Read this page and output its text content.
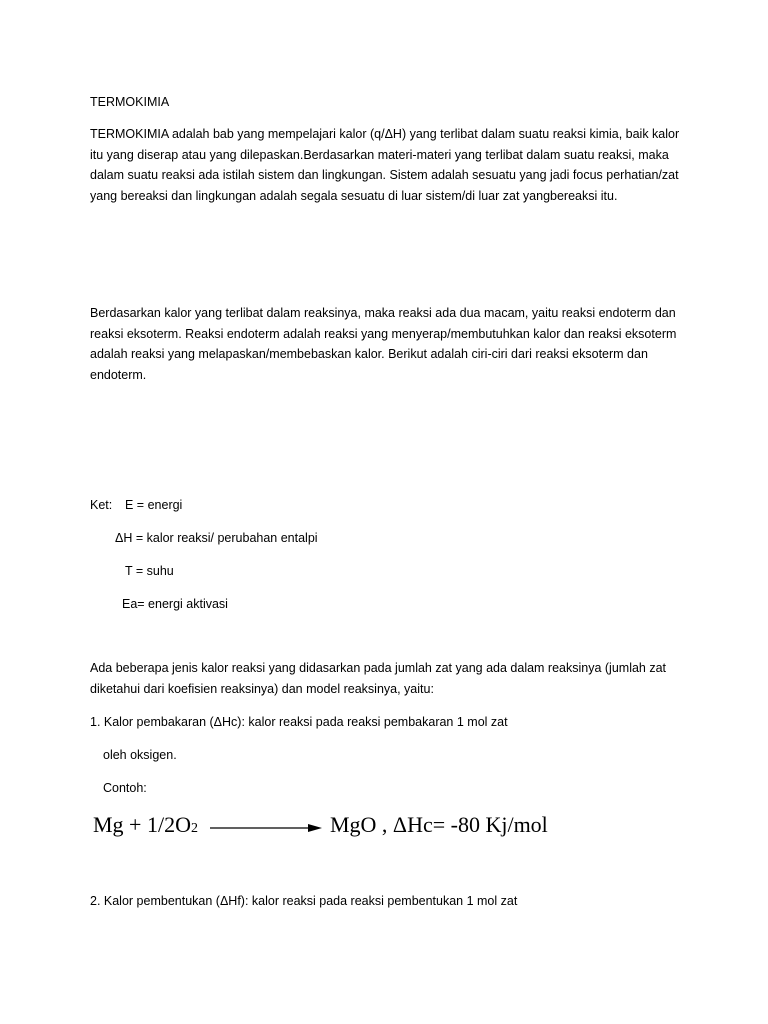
TERMOKIMIA
TERMOKIMIA adalah bab yang mempelajari kalor (q/ΔH) yang terlibat dalam suatu reaksi kimia, baik kalor itu yang diserap atau yang dilepaskan.Berdasarkan materi-materi yang terlibat dalam suatu reaksi, maka dalam suatu reaksi ada istilah sistem dan lingkungan. Sistem adalah sesuatu yang jadi focus perhatian/zat yang bereaksi dan lingkungan adalah segala sesuatu di luar sistem/di luar zat yangbereaksi itu.
Berdasarkan kalor yang terlibat dalam reaksinya, maka reaksi ada dua macam, yaitu reaksi endoterm dan reaksi eksoterm. Reaksi endoterm adalah reaksi yang menyerap/membutuhkan kalor dan reaksi eksoterm adalah reaksi yang melapaskan/membebaskan kalor. Berikut adalah ciri-ciri dari reaksi eksoterm dan endoterm.
Ket: E = energi
ΔH = kalor reaksi/ perubahan entalpi
T = suhu
Ea= energi aktivasi
Ada beberapa jenis kalor reaksi yang didasarkan pada jumlah zat yang ada dalam reaksinya (jumlah zat diketahui dari koefisien reaksinya) dan model reaksinya, yaitu:
1. Kalor pembakaran (ΔHc): kalor reaksi pada reaksi pembakaran 1 mol zat
oleh oksigen.
Contoh:
Mg + 1/2O 2	MgO , ΔHc= -80 Kj/mol
2. Kalor pembentukan (ΔHf): kalor reaksi pada reaksi pembentukan 1 mol zat
